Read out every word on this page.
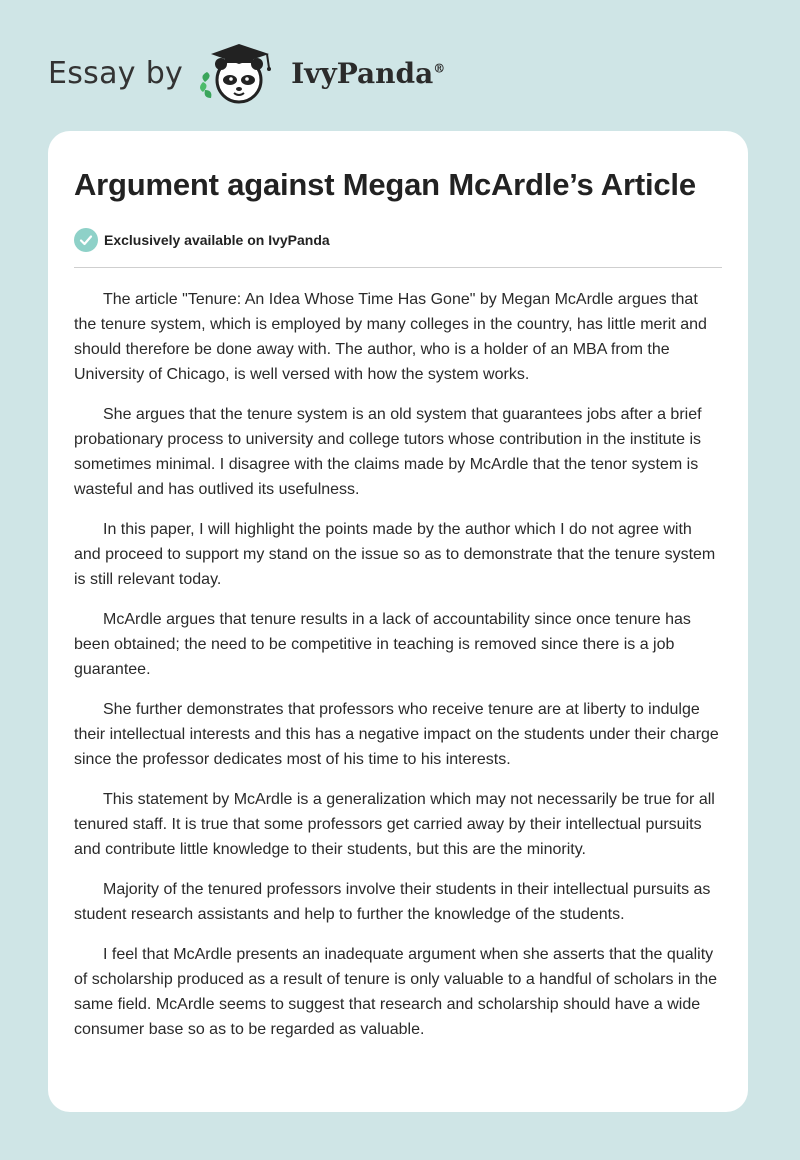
Essay by	IvyPanda®
Argument against Megan McArdle’s Article
Exclusively available on IvyPanda

The article "Tenure: An Idea Whose Time Has Gone" by Megan McArdle argues that the tenure system, which is employed by many colleges in the country, has little merit and should therefore be done away with. The author, who is a holder of an MBA from the University of Chicago, is well versed with how the system works.

She argues that the tenure system is an old system that guarantees jobs after a brief probationary process to university and college tutors whose contribution in the institute is sometimes minimal. I disagree with the claims made by McArdle that the tenor system is wasteful and has outlived its usefulness.

In this paper, I will highlight the points made by the author which I do not agree with and proceed to support my stand on the issue so as to demonstrate that the tenure system is still relevant today.

McArdle argues that tenure results in a lack of accountability since once tenure has been obtained; the need to be competitive in teaching is removed since there is a job guarantee.

She further demonstrates that professors who receive tenure are at liberty to indulge their intellectual interests and this has a negative impact on the students under their charge since the professor dedicates most of his time to his interests.

This statement by McArdle is a generalization which may not necessarily be true for all tenured staff. It is true that some professors get carried away by their intellectual pursuits and contribute little knowledge to their students, but this are the minority.

Majority of the tenured professors involve their students in their intellectual pursuits as student research assistants and help to further the knowledge of the students.

I feel that McArdle presents an inadequate argument when she asserts that the quality of scholarship produced as a result of tenure is only valuable to a handful of scholars in the same field. McArdle seems to suggest that research and scholarship should have a wide consumer base so as to be regarded as valuable.
